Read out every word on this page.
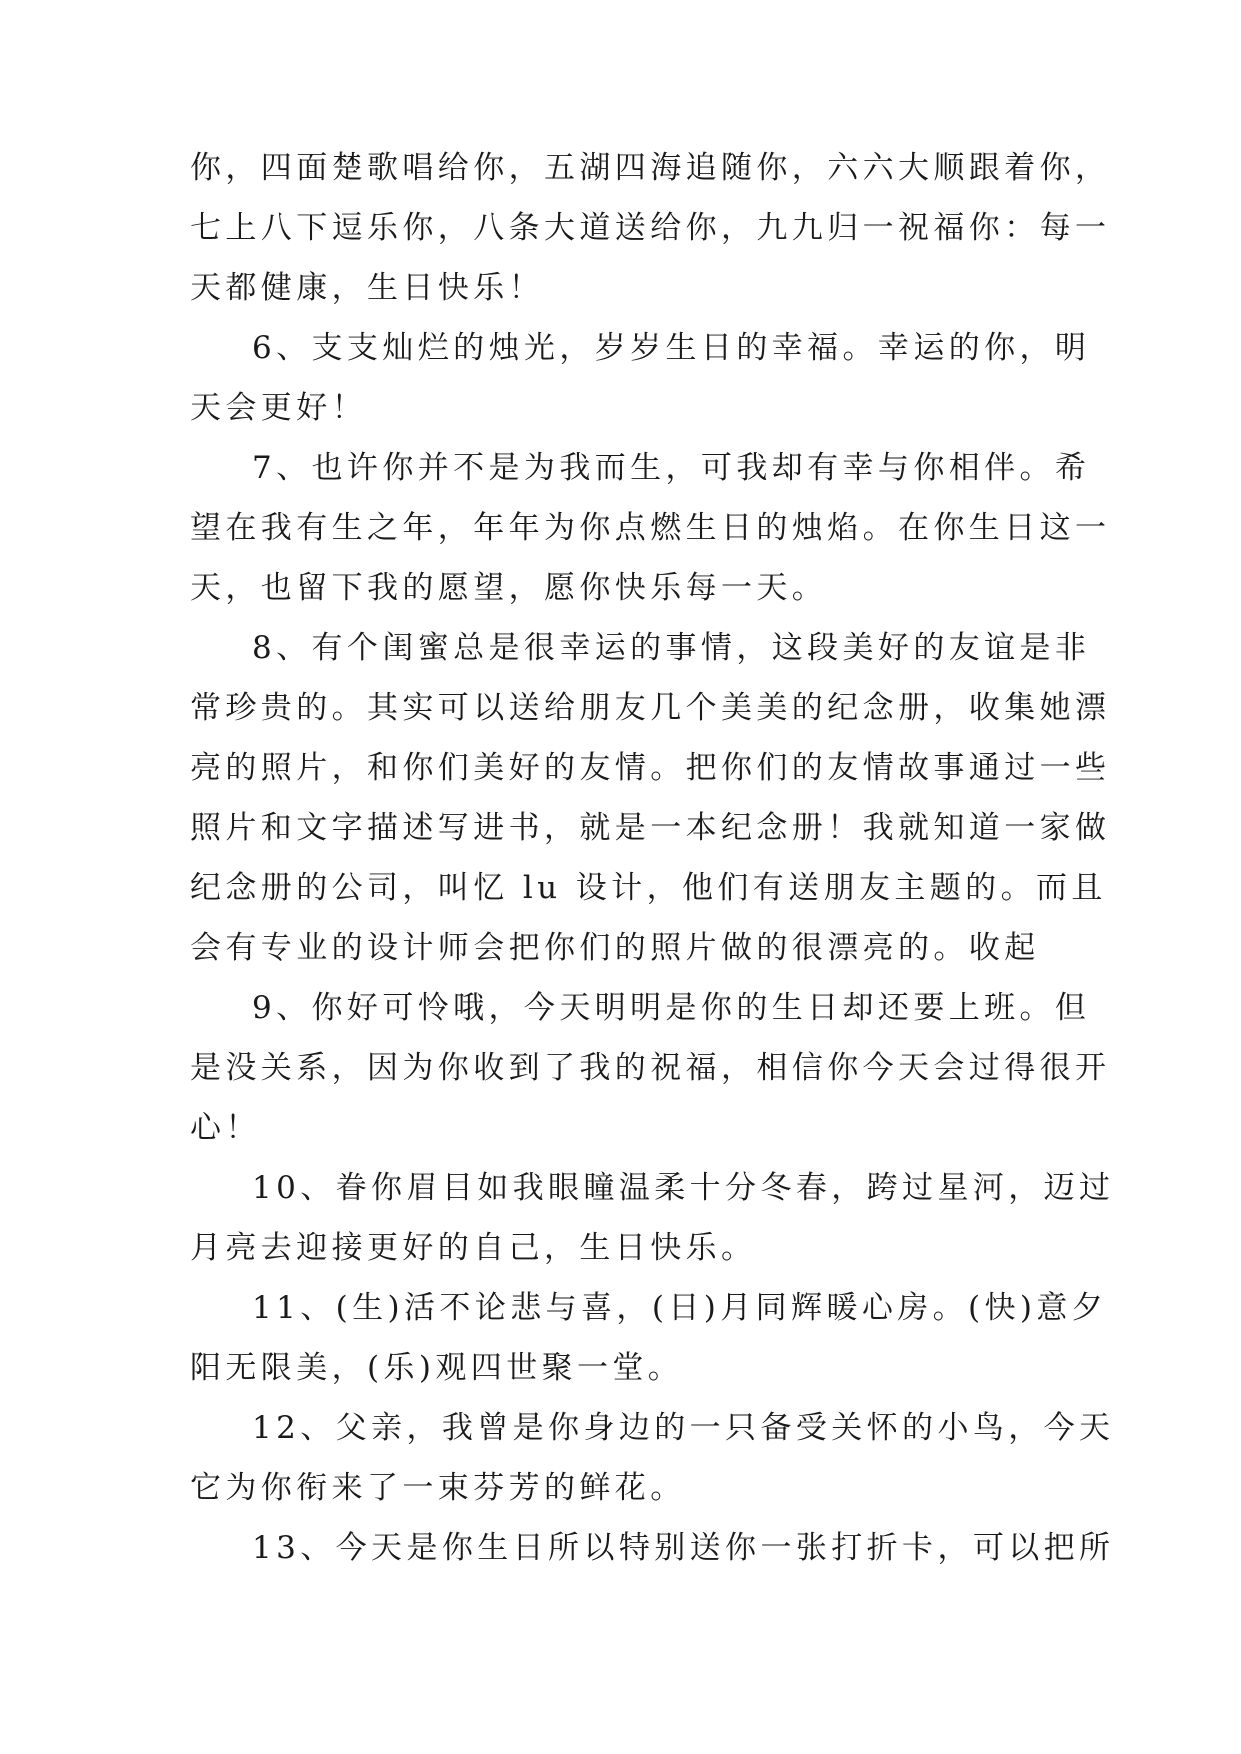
你，四面楚歌唱给你，五湖四海追随你，六六大顺跟着你，
七上八下逗乐你，八条大道送给你，九九归一祝福你：每一
天都健康，生日快乐！

6、支支灿烂的烛光，岁岁生日的幸福。幸运的你，明
天会更好！

7、也许你并不是为我而生，可我却有幸与你相伴。希
望在我有生之年，年年为你点燃生日的烛焰。在你生日这一
天，也留下我的愿望，愿你快乐每一天。

8、有个闺蜜总是很幸运的事情，这段美好的友谊是非
常珍贵的。其实可以送给朋友几个美美的纪念册，收集她漂
亮的照片，和你们美好的友情。把你们的友情故事通过一些
照片和文字描述写进书，就是一本纪念册！我就知道一家做
纪念册的公司，叫忆 lu 设计，他们有送朋友主题的。而且
会有专业的设计师会把你们的照片做的很漂亮的。收起

9、你好可怜哦，今天明明是你的生日却还要上班。但
是没关系，因为你收到了我的祝福，相信你今天会过得很开
心！

10、眷你眉目如我眼瞳温柔十分冬春，跨过星河，迈过
月亮去迎接更好的自己，生日快乐。

11、(生)活不论悲与喜，(日)月同辉暖心房。(快)意夕
阳无限美，(乐)观四世聚一堂。

12、父亲，我曾是你身边的一只备受关怀的小鸟，今天
它为你衔来了一束芬芳的鲜花。

13、今天是你生日所以特别送你一张打折卡，可以把所
